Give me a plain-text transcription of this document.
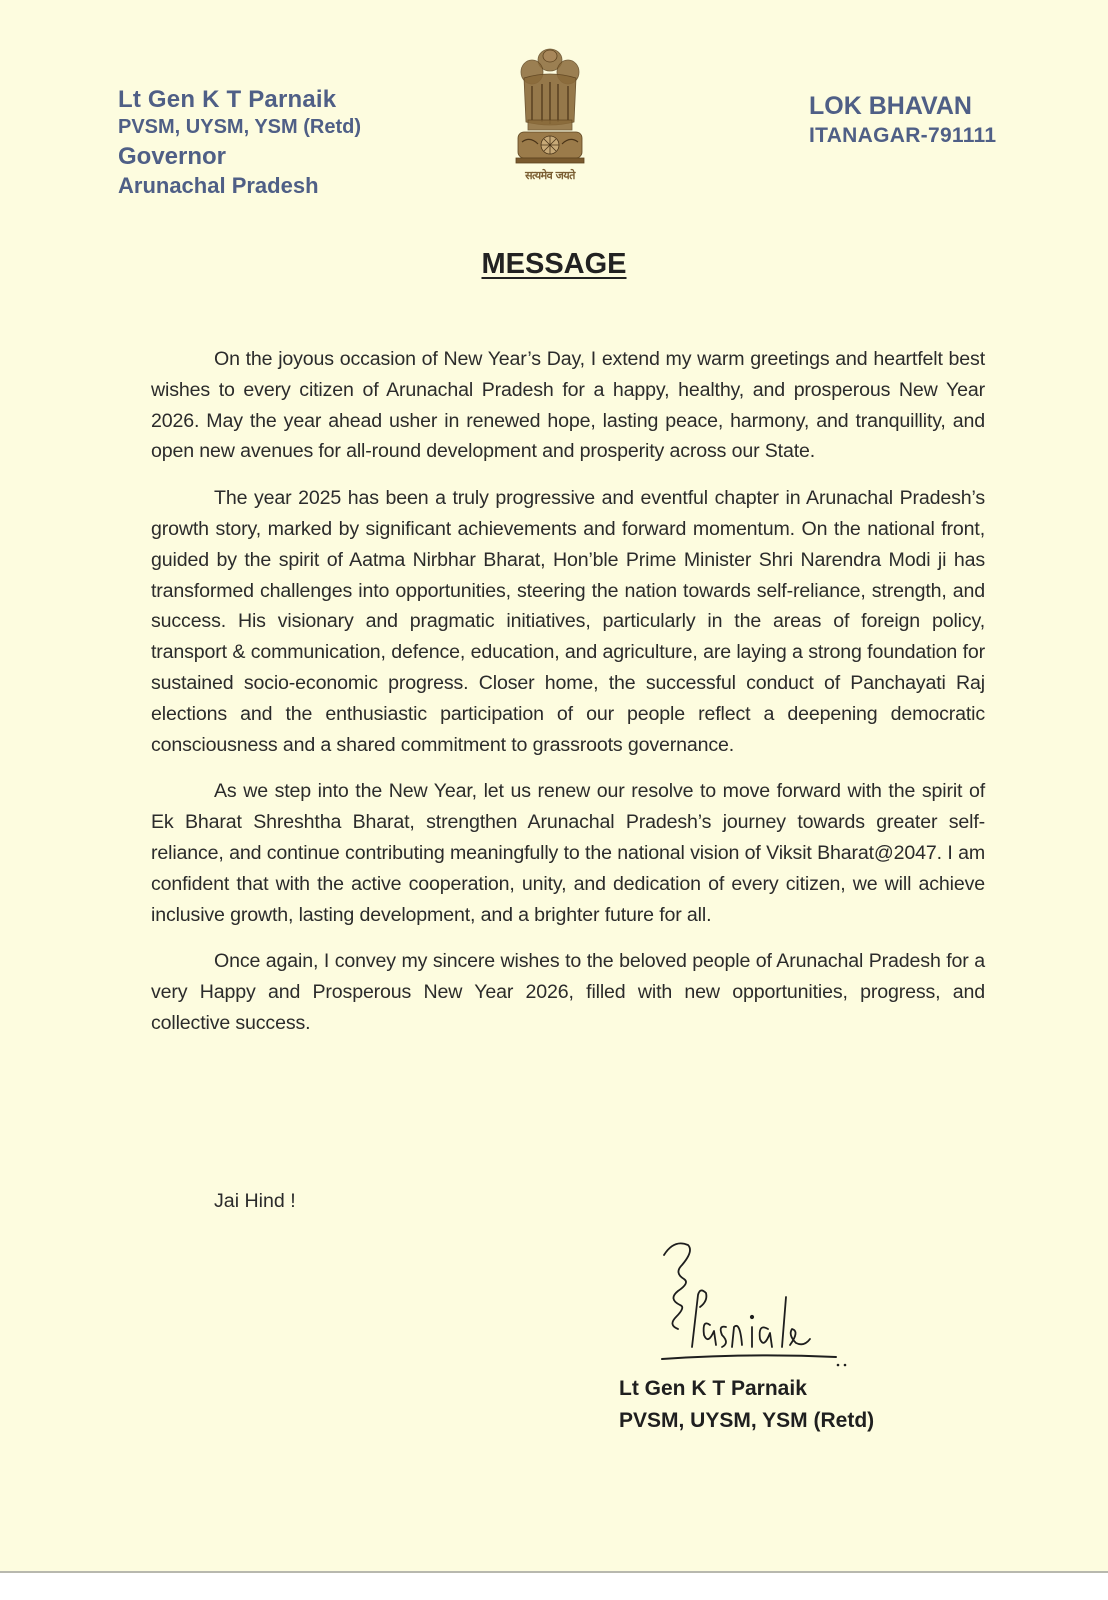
Lt Gen K T Parnaik
PVSM, UYSM, YSM (Retd)
Governor
Arunachal Pradesh	सत्यमेव जयते
LOK BHAVAN
ITANAGAR-791111
MESSAGE

On the joyous occasion of New Year’s Day, I extend my warm greetings and heartfelt best wishes to every citizen of Arunachal Pradesh for a happy, healthy, and prosperous New Year 2026. May the year ahead usher in renewed hope, lasting peace, harmony, and tranquillity, and open new avenues for all-round development and prosperity across our State.

The year 2025 has been a truly progressive and eventful chapter in Arunachal Pradesh’s growth story, marked by significant achievements and forward momentum. On the national front, guided by the spirit of Aatma Nirbhar Bharat, Hon’ble Prime Minister Shri Narendra Modi ji has transformed challenges into opportunities, steering the nation towards self-reliance, strength, and success. His visionary and pragmatic initiatives, particularly in the areas of foreign policy, transport & communication, defence, education, and agriculture, are laying a strong foundation for sustained socio-economic progress. Closer home, the successful conduct of Panchayati Raj elections and the enthusiastic participation of our people reflect a deepening democratic consciousness and a shared commitment to grassroots governance.

As we step into the New Year, let us renew our resolve to move forward with the spirit of Ek Bharat Shreshtha Bharat, strengthen Arunachal Pradesh’s journey towards greater self-reliance, and continue contributing meaningfully to the national vision of Viksit Bharat@2047. I am confident that with the active cooperation, unity, and dedication of every citizen, we will achieve inclusive growth, lasting development, and a brighter future for all.

Once again, I convey my sincere wishes to the beloved people of Arunachal Pradesh for a very Happy and Prosperous New Year 2026, filled with new opportunities, progress, and collective success.

Jai Hind !
Lt Gen K T Parnaik
PVSM, UYSM, YSM (Retd)
